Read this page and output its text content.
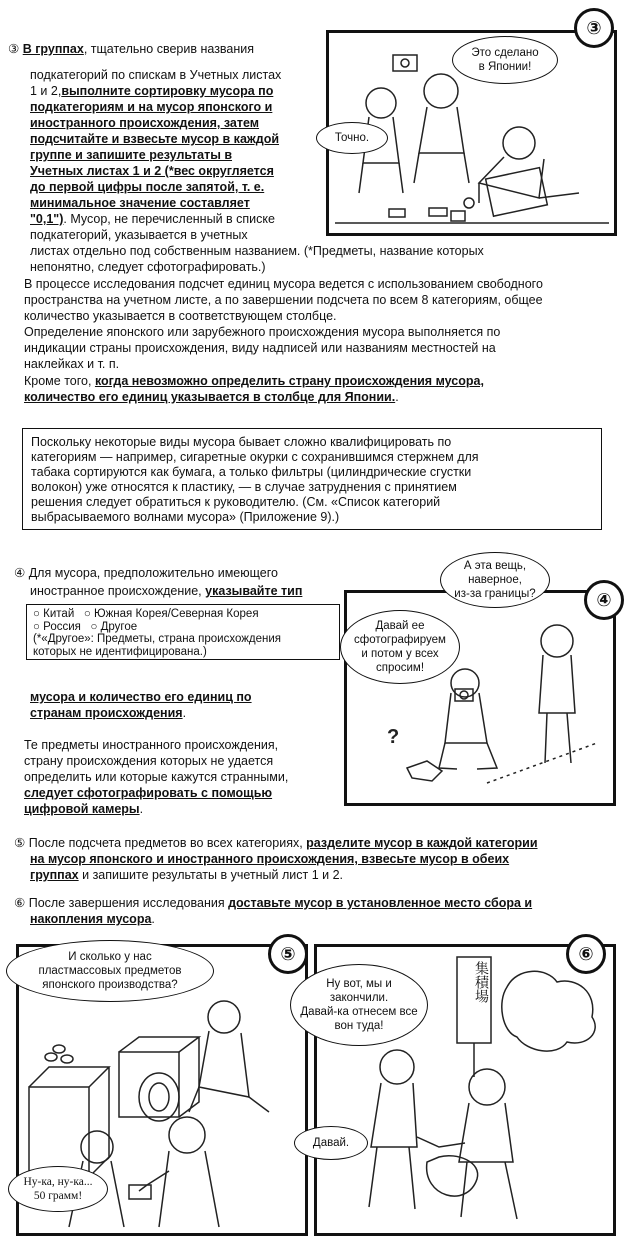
③ В группах, тщательно сверив названия
подкатегорий по спискам в Учетных листах
1 и 2,выполните сортировку мусора по
подкатегориям и на мусор японского и
иностранного происхождения, затем
подсчитайте и взвесьте мусор в каждой
группе и запишите результаты в
Учетных листах 1 и 2 (*вес округляется
до первой цифры после запятой, т. е.
минимальное значение составляет
"0,1"). Мусор, не перечисленный в списке
подкатегорий, указывается в учетных
листах отдельно под собственным названием. (*Предметы, название которых
непонятно, следует сфотографировать.)
В процессе исследования подсчет единиц мусора ведется с использованием свободного
пространства на учетном листе, а по завершении подсчета по всем 8 категориям, общее
количество указывается в соответствующем столбце.
Определение японского или зарубежного происхождения мусора выполняется по
индикации страны происхождения, виду надписей или названиям местностей на
наклейках и т. п.
Кроме того, когда невозможно определить страну происхождения мусора,
количество его единиц указывается в столбце для Японии..
③
Это сделано
в Японии!
Точно.
Поскольку некоторые виды мусора бывает сложно квалифицировать по
категориям — например, сигаретные окурки с сохранившимся стержнем для
табака сортируются как бумага, а только фильтры (цилиндрические сгустки
волокон) уже относятся к пластику, — в случае затруднения с принятием
решения следует обратиться к руководителю. (См. «Список категорий
выбрасываемого волнами мусора» (Приложение 9).)
④ Для мусора, предположительно имеющего
иностранное происхождение, указывайте тип
○ Китай ○ Южная Корея/Северная Корея
○ Россия ○ Другое
(*«Другое»: Предметы, страна происхождения
которых не идентифицирована.)
мусора и количество его единиц по
странам происхождения.
Те предметы иностранного происхождения,
страну происхождения которых не удается
определить или которые кажутся странными,
следует сфотографировать с помощью
цифровой камеры.
?
④
А эта вещь,
наверное,
из-за границы?
Давай ее
сфотографируем
и потом у всех
спросим!
⑤ После подсчета предметов во всех категориях, разделите мусор в каждой категории
на мусор японского и иностранного происхождения, взвесьте мусор в обеих
группах и запишите результаты в учетный лист 1 и 2.
⑥ После завершения исследования доставьте мусор в установленное место сбора и
накопления мусора.
⑤
И сколько у нас
пластмассовых предметов
японского производства?
Ну-ка, ну-ка...
50 грамм!
集積場
⑥
Ну вот, мы и
закончили.
Давай-ка отнесем все
вон туда!
Давай.
